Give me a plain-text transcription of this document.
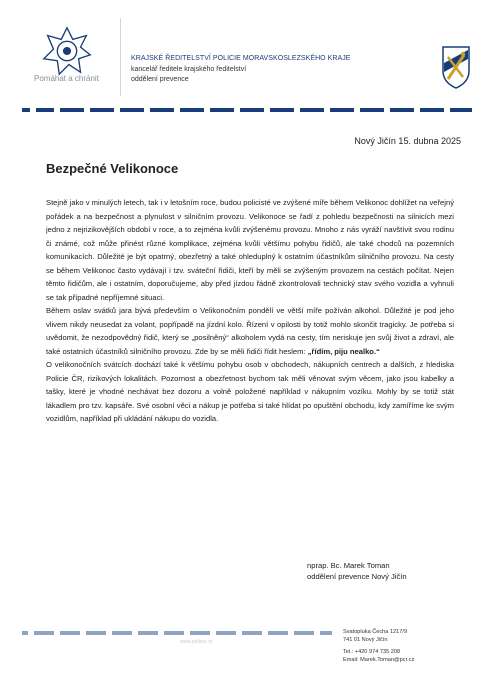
Pomáhat a chránit
KRAJSKÉ ŘEDITELSTVÍ POLICIE MORAVSKOSLEZSKÉHO KRAJE
kancelář ředitele krajského ředitelství
oddělení prevence
Nový Jičín 15. dubna 2025
Bezpečné Velikonoce

Stejně jako v minulých letech, tak i v letošním roce, budou policisté ve zvýšené míře během Velikonoc dohlížet na veřejný pořádek a na bezpečnost a plynulost v silničním provozu. Velikonoce se řadí z pohledu bezpečnosti na silnicích mezi jedno z nejrizikovějších období v roce, a to zejména kvůli zvýšenému provozu. Mnoho z nás vyráží navštívit svou rodinu či známé, což může přinést různé komplikace, zejména kvůli většímu pohybu řidičů, ale také chodců na pozemních komunikacích. Důležité je být opatrný, obezřetný a také ohleduplný k ostatním účastníkům silničního provozu. Na cesty se během Velikonoc často vydávají i tzv. sváteční řidiči, kteří by měli se zvýšeným provozem na cestách počítat. Nejen těmto řidičům, ale i ostatním, doporučujeme, aby před jízdou řádně zkontrolovali technický stav svého vozidla a vyhnuli se tak případné nepříjemné situaci.

Během oslav svátků jara bývá především o Velikonočním pondělí ve větší míře požíván alkohol. Důležité je pod jeho vlivem nikdy neusedat za volant, popřípadě na jízdní kolo. Řízení v opilosti by totiž mohlo skončit tragicky. Je potřeba si uvědomit, že nezodpovědný řidič, který se „posilněný“ alkoholem vydá na cesty, tím neriskuje jen svůj život a zdraví, ale také ostatních účastníků silničního provozu. Zde by se měli řidiči řídit heslem: „řídím, piju nealko.“

O velikonočních svátcích dochází také k většímu pohybu osob v obchodech, nákupních centrech a dalších, z hlediska Policie ČR, rizikových lokalitách. Pozornost a obezřetnost bychom tak měli věnovat svým věcem, jako jsou kabelky a tašky, které je vhodné nechávat bez dozoru a volně položené například v nákupním vozíku. Mohly by se totiž stát lákadlem pro tzv. kapsáře. Své osobní věci a nákup je potřeba si také hlídat po opuštění obchodu, kdy zamíříme ke svým vozidlům, například při ukládání nákupu do vozidla.

nprap. Bc. Marek Toman
oddělení prevence Nový Jičín
www.policie.cz
Svatopluka Čecha 1217/9
741 01 Nový Jičín
Tel.: +420 974 735 208
Email: Marek.Toman@pcr.cz
